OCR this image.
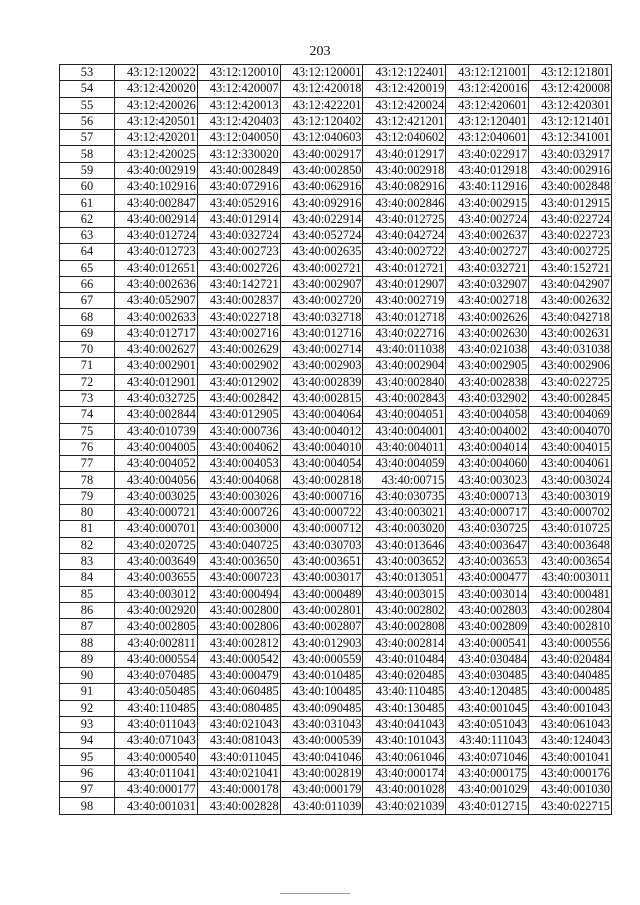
203
53	43:12:120022	43:12:120010	43:12:120001	43:12:122401	43:12:121001	43:12:121801
54	43:12:420020	43:12:420007	43:12:420018	43:12:420019	43:12:420016	43:12:420008
55	43:12:420026	43:12:420013	43:12:422201	43:12:420024	43:12:420601	43:12:420301
56	43:12:420501	43:12:420403	43:12:120402	43:12:421201	43:12:120401	43:12:121401
57	43:12:420201	43:12:040050	43:12:040603	43:12:040602	43:12:040601	43:12:341001
58	43:12:420025	43:12:330020	43:40:002917	43:40:012917	43:40:022917	43:40:032917
59	43:40:002919	43:40:002849	43:40:002850	43:40:002918	43:40:012918	43:40:002916
60	43:40:102916	43:40:072916	43:40:062916	43:40:082916	43:40:112916	43:40:002848
61	43:40:002847	43:40:052916	43:40:092916	43:40:002846	43:40:002915	43:40:012915
62	43:40:002914	43:40:012914	43:40:022914	43:40:012725	43:40:002724	43:40:022724
63	43:40:012724	43:40:032724	43:40:052724	43:40:042724	43:40:002637	43:40:022723
64	43:40:012723	43:40:002723	43:40:002635	43:40:002722	43:40:002727	43:40:002725
65	43:40:012651	43:40:002726	43:40:002721	43:40:012721	43:40:032721	43:40:152721
66	43:40:002636	43:40:142721	43:40:002907	43:40:012907	43:40:032907	43:40:042907
67	43:40:052907	43:40:002837	43:40:002720	43:40:002719	43:40:002718	43:40:002632
68	43:40:002633	43:40:022718	43:40:032718	43:40:012718	43:40:002626	43:40:042718
69	43:40:012717	43:40:002716	43:40:012716	43:40:022716	43:40:002630	43:40:002631
70	43:40:002627	43:40:002629	43:40:002714	43:40:011038	43:40:021038	43:40:031038
71	43:40:002901	43:40:002902	43:40:002903	43:40:002904	43:40:002905	43:40:002906
72	43:40:012901	43:40:012902	43:40:002839	43:40:002840	43:40:002838	43:40:022725
73	43:40:032725	43:40:002842	43:40:002815	43:40:002843	43:40:032902	43:40:002845
74	43:40:002844	43:40:012905	43:40:004064	43:40:004051	43:40:004058	43:40:004069
75	43:40:010739	43:40:000736	43:40:004012	43:40:004001	43:40:004002	43:40:004070
76	43:40:004005	43:40:004062	43:40:004010	43:40:004011	43:40:004014	43:40:004015
77	43:40:004052	43:40:004053	43:40:004054	43:40:004059	43:40:004060	43:40:004061
78	43:40:004056	43:40:004068	43:40:002818	43:40:00715	43:40:003023	43:40:003024
79	43:40:003025	43:40:003026	43:40:000716	43:40:030735	43:40:000713	43:40:003019
80	43:40:000721	43:40:000726	43:40:000722	43:40:003021	43:40:000717	43:40:000702
81	43:40:000701	43:40:003000	43:40:000712	43:40:003020	43:40:030725	43:40:010725
82	43:40:020725	43:40:040725	43:40:030703	43:40:013646	43:40:003647	43:40:003648
83	43:40:003649	43:40:003650	43:40:003651	43:40:003652	43:40:003653	43:40:003654
84	43:40:003655	43:40:000723	43:40:003017	43:40:013051	43:40:000477	43:40:003011
85	43:40:003012	43:40:000494	43:40:000489	43:40:003015	43:40:003014	43:40:000481
86	43:40:002920	43:40:002800	43:40:002801	43:40:002802	43:40:002803	43:40:002804
87	43:40:002805	43:40:002806	43:40:002807	43:40:002808	43:40:002809	43:40:002810
88	43:40:002811	43:40:002812	43:40:012903	43:40:002814	43:40:000541	43:40:000556
89	43:40:000554	43:40:000542	43:40:000559	43:40:010484	43:40:030484	43:40:020484
90	43:40:070485	43:40:000479	43:40:010485	43:40:020485	43:40:030485	43:40:040485
91	43:40:050485	43:40:060485	43:40:100485	43:40:110485	43:40:120485	43:40:000485
92	43:40:110485	43:40:080485	43:40:090485	43:40:130485	43:40:001045	43:40:001043
93	43:40:011043	43:40:021043	43:40:031043	43:40:041043	43:40:051043	43:40:061043
94	43:40:071043	43:40:081043	43:40:000539	43:40:101043	43:40:111043	43:40:124043
95	43:40:000540	43:40:011045	43:40:041046	43:40:061046	43:40:071046	43:40:001041
96	43:40:011041	43:40:021041	43:40:002819	43:40:000174	43:40:000175	43:40:000176
97	43:40:000177	43:40:000178	43:40:000179	43:40:001028	43:40:001029	43:40:001030
98	43:40:001031	43:40:002828	43:40:011039	43:40:021039	43:40:012715	43:40:022715
